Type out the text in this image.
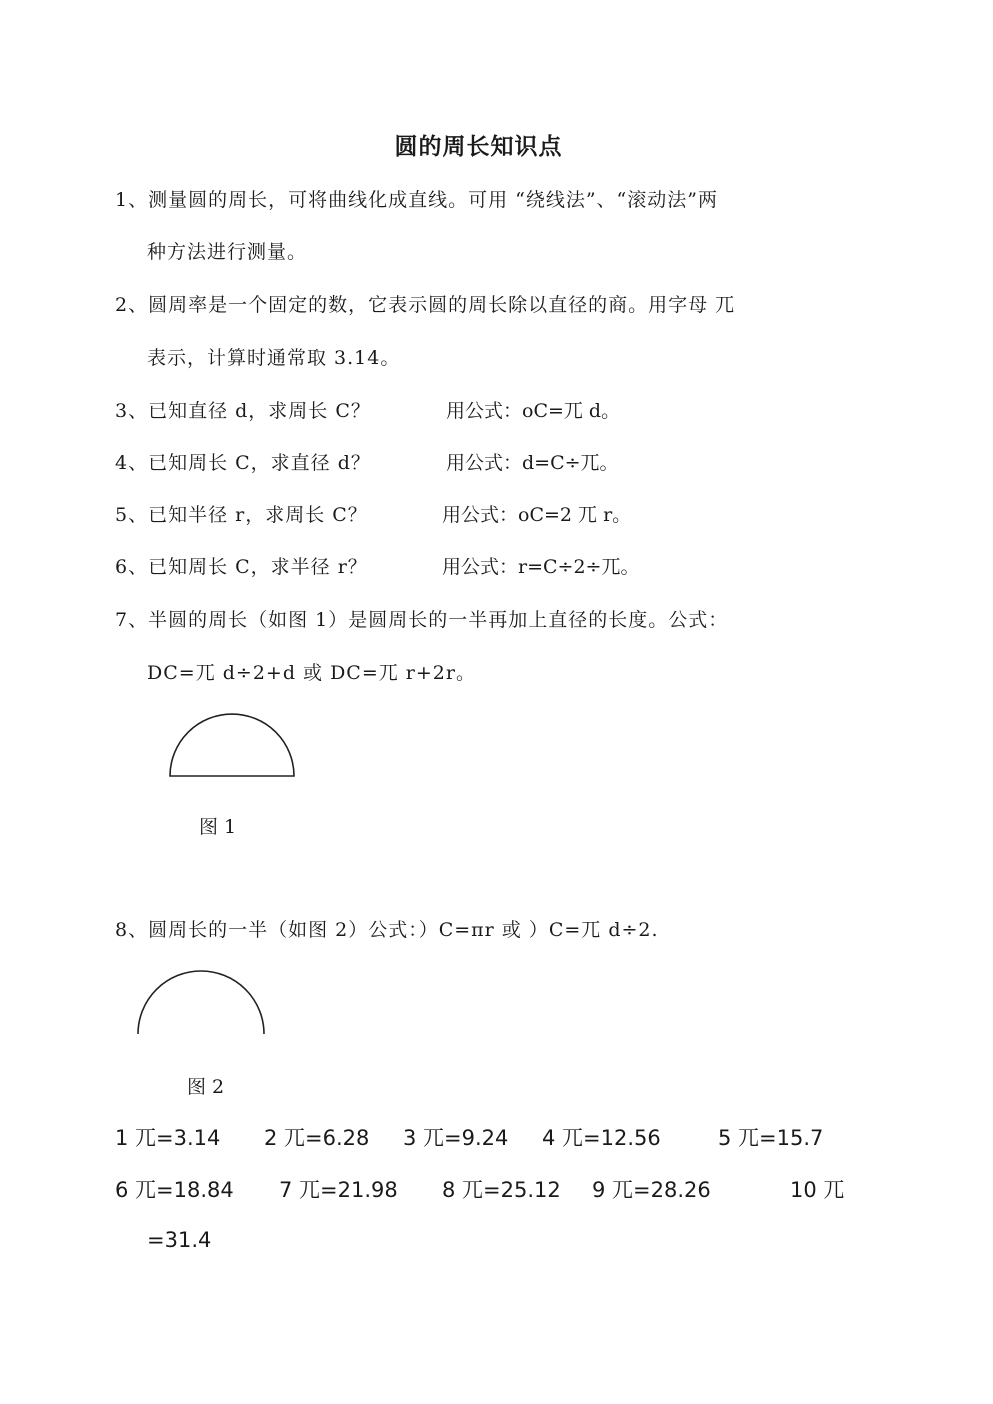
圆的周长知识点
1、测量圆的周长，可将曲线化成直线。可用 “绕线法”、“滚动法”两
种方法进行测量。
2、圆周率是一个固定的数，它表示圆的周长除以直径的商。用字母 兀
表示，计算时通常取 3.14。
3、已知直径 d，求周长 C？	用公式：oC=兀 d。
4、已知周长 C，求直径 d？	用公式：d=C÷兀。
5、已知半径 r，求周长 C？	用公式：oC=2 兀 r。
6、已知周长 C，求半径 r？	用公式：r=C÷2÷兀。
7、半圆的周长（如图 1）是圆周长的一半再加上直径的长度。公式：
DC=兀 d÷2+d 或 DC=兀 r+2r。
图 1
8、圆周长的一半（如图 2）公式：）C=πr 或 ）C=兀 d÷2.
图 2
1 兀=3.14 2 兀=6.28 3 兀=9.24 4 兀=12.56	5 兀=15.7
6 兀=18.84 7 兀=21.98 8 兀=25.12 9 兀=28.26	10 兀
=31.4
